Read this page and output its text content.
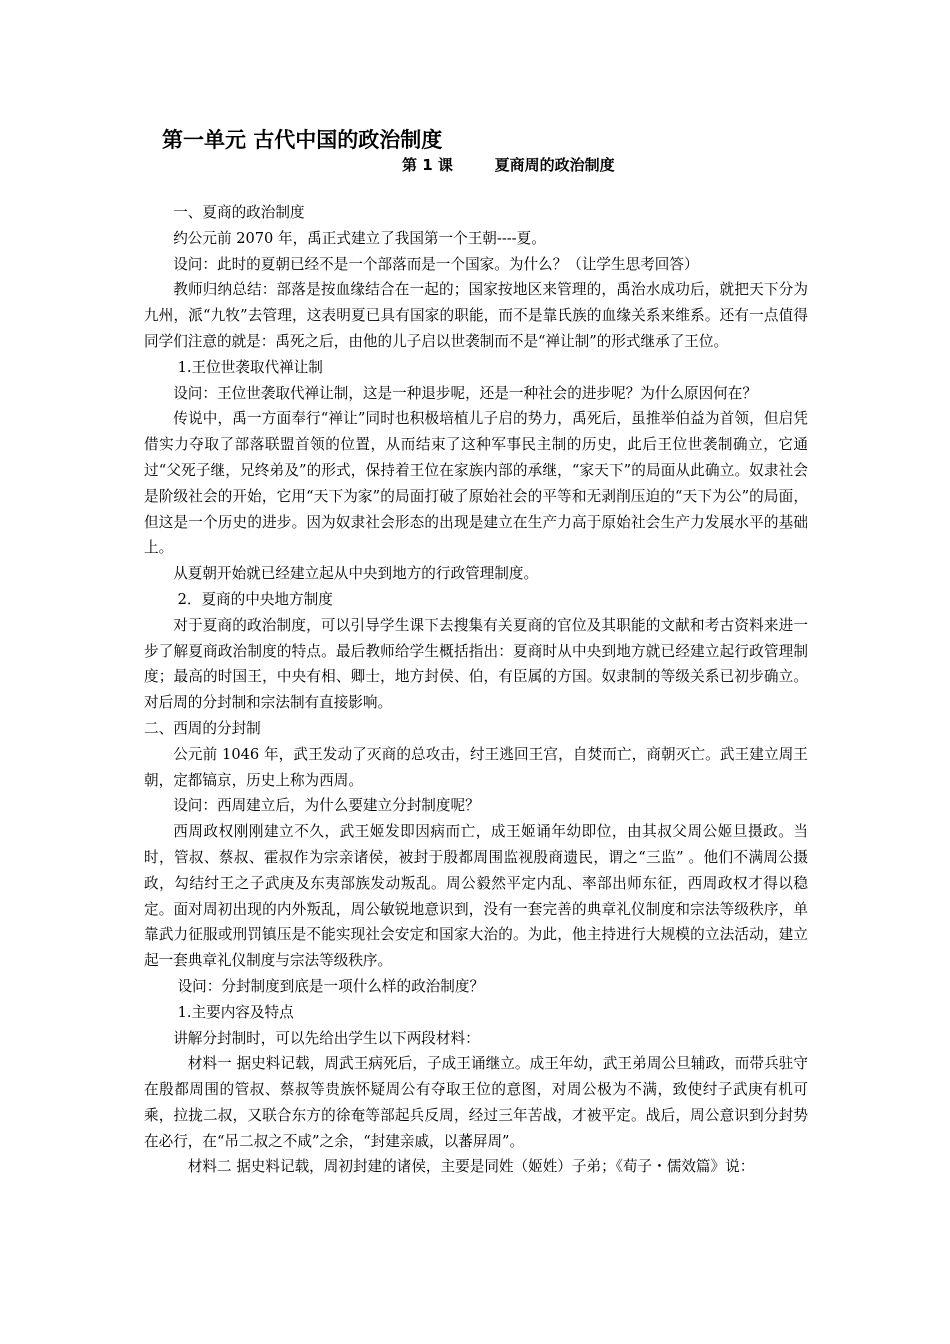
第一单元 古代中国的政治制度
第 1 课        夏商周的政治制度

一、夏商的政治制度

约公元前 2070 年，禹正式建立了我国第一个王朝----夏。

设问：此时的夏朝已经不是一个部落而是一个国家。为什么？（让学生思考回答）

教师归纳总结：部落是按血缘结合在一起的；国家按地区来管理的，禹治水成功后，就把天下分为九州，派“九牧”去管理，这表明夏已具有国家的职能，而不是靠氏族的血缘关系来维系。还有一点值得同学们注意的就是：禹死之后，由他的儿子启以世袭制而不是“禅让制”的形式继承了王位。

1.王位世袭取代禅让制

设问：王位世袭取代禅让制，这是一种退步呢，还是一种社会的进步呢？为什么原因何在？

传说中，禹一方面奉行“禅让”同时也积极培植儿子启的势力，禹死后，虽推举伯益为首领，但启凭借实力夺取了部落联盟首领的位置，从而结束了这种军事民主制的历史，此后王位世袭制确立，它通过“父死子继，兄终弟及”的形式，保持着王位在家族内部的承继，“家天下”的局面从此确立。奴隶社会是阶级社会的开始，它用“天下为家”的局面打破了原始社会的平等和无剥削压迫的“天下为公”的局面，但这是一个历史的进步。因为奴隶社会形态的出现是建立在生产力高于原始社会生产力发展水平的基础上。

从夏朝开始就已经建立起从中央到地方的行政管理制度。

2．夏商的中央地方制度

对于夏商的政治制度，可以引导学生课下去搜集有关夏商的官位及其职能的文献和考古资料来进一步了解夏商政治制度的特点。最后教师给学生概括指出：夏商时从中央到地方就已经建立起行政管理制度；最高的时国王，中央有相、卿士，地方封侯、伯，有臣属的方国。奴隶制的等级关系已初步确立。对后周的分封制和宗法制有直接影响。

二、西周的分封制

公元前 1046 年，武王发动了灭商的总攻击，纣王逃回王宫，自焚而亡，商朝灭亡。武王建立周王朝，定都镐京，历史上称为西周。

设问：西周建立后，为什么要建立分封制度呢？

西周政权刚刚建立不久，武王姬发即因病而亡，成王姬诵年幼即位，由其叔父周公姬旦摄政。当时，管叔、蔡叔、霍叔作为宗亲诸侯，被封于殷都周围监视殷商遗民，谓之“三监” 。他们不满周公摄政，勾结纣王之子武庚及东夷部族发动叛乱。周公毅然平定内乱、率部出师东征，西周政权才得以稳定。面对周初出现的内外叛乱，周公敏锐地意识到，没有一套完善的典章礼仪制度和宗法等级秩序，单靠武力征服或刑罚镇压是不能实现社会安定和国家大治的。为此，他主持进行大规模的立法活动，建立起一套典章礼仪制度与宗法等级秩序。

设问：分封制度到底是一项什么样的政治制度？

1.主要内容及特点

讲解分封制时，可以先给出学生以下两段材料：

材料一 据史料记载，周武王病死后，子成王诵继立。成王年幼，武王弟周公旦辅政，而带兵驻守在殷都周围的管叔、蔡叔等贵族怀疑周公有夺取王位的意图，对周公极为不满，致使纣子武庚有机可乘，拉拢二叔，又联合东方的徐奄等部起兵反周，经过三年苦战，才被平定。战后，周公意识到分封势在必行，在“吊二叔之不咸”之余，“封建亲戚，以蕃屏周”。

材料二 据史料记载，周初封建的诸侯，主要是同姓（姬姓）子弟；《荀子・儒效篇》说：
